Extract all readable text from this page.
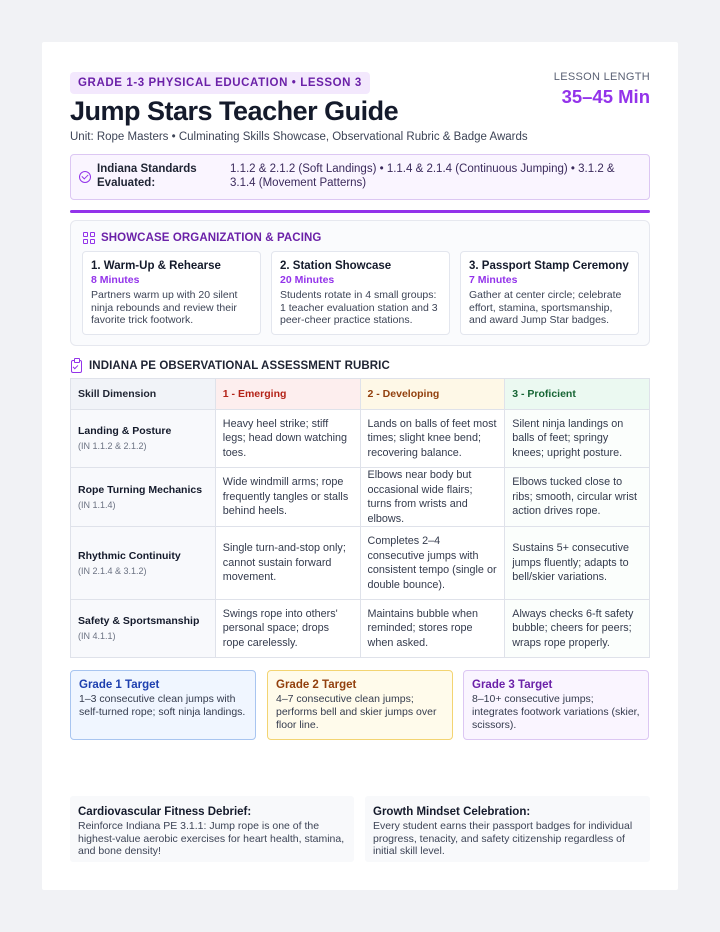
GRADE 1-3 PHYSICAL EDUCATION • LESSON 3
Jump Stars Teacher Guide
Unit: Rope Masters • Culminating Skills Showcase, Observational Rubric & Badge Awards
LESSON LENGTH
35–45 Min
Indiana Standards Evaluated:
1.1.2 & 2.1.2 (Soft Landings) • 1.1.4 & 2.1.4 (Continuous Jumping) • 3.1.2 & 3.1.4 (Movement Patterns)
SHOWCASE ORGANIZATION & PACING
1. Warm-Up & Rehearse
8 Minutes
Partners warm up with 20 silent ninja rebounds and review their favorite trick footwork.
2. Station Showcase
20 Minutes
Students rotate in 4 small groups: 1 teacher evaluation station and 3 peer-cheer practice stations.
3. Passport Stamp Ceremony
7 Minutes
Gather at center circle; celebrate effort, stamina, sportsmanship, and award Jump Star badges.
INDIANA PE OBSERVATIONAL ASSESSMENT RUBRIC
Skill Dimension	1 - Emerging	2 - Developing	3 - Proficient

Landing & Posture
(IN 1.1.2 & 2.1.2)	Heavy heel strike; stiff legs; head down watching toes.	Lands on balls of feet most times; slight knee bend; recovering balance.	Silent ninja landings on balls of feet; springy knees; upright posture.

Rope Turning Mechanics
(IN 1.1.4)	Wide windmill arms; rope frequently tangles or stalls behind heels.	Elbows near body but occasional wide flairs; turns from wrists and elbows.	Elbows tucked close to ribs; smooth, circular wrist action drives rope.

Rhythmic Continuity
(IN 2.1.4 & 3.1.2)	Single turn-and-stop only; cannot sustain forward movement.	Completes 2–4 consecutive jumps with consistent tempo (single or double bounce).	Sustains 5+ consecutive jumps fluently; adapts to bell/skier variations.

Safety & Sportsmanship
(IN 4.1.1)	Swings rope into others' personal space; drops rope carelessly.	Maintains bubble when reminded; stores rope when asked.	Always checks 6-ft safety bubble; cheers for peers; wraps rope properly.
Grade 1 Target
1–3 consecutive clean jumps with self-turned rope; soft ninja landings.
Grade 2 Target
4–7 consecutive clean jumps; performs bell and skier jumps over floor line.
Grade 3 Target
8–10+ consecutive jumps; integrates footwork variations (skier, scissors).
Cardiovascular Fitness Debrief:
Reinforce Indiana PE 3.1.1: Jump rope is one of the highest-value aerobic exercises for heart health, stamina, and bone density!
Growth Mindset Celebration:
Every student earns their passport badges for individual progress, tenacity, and safety citizenship regardless of initial skill level.
